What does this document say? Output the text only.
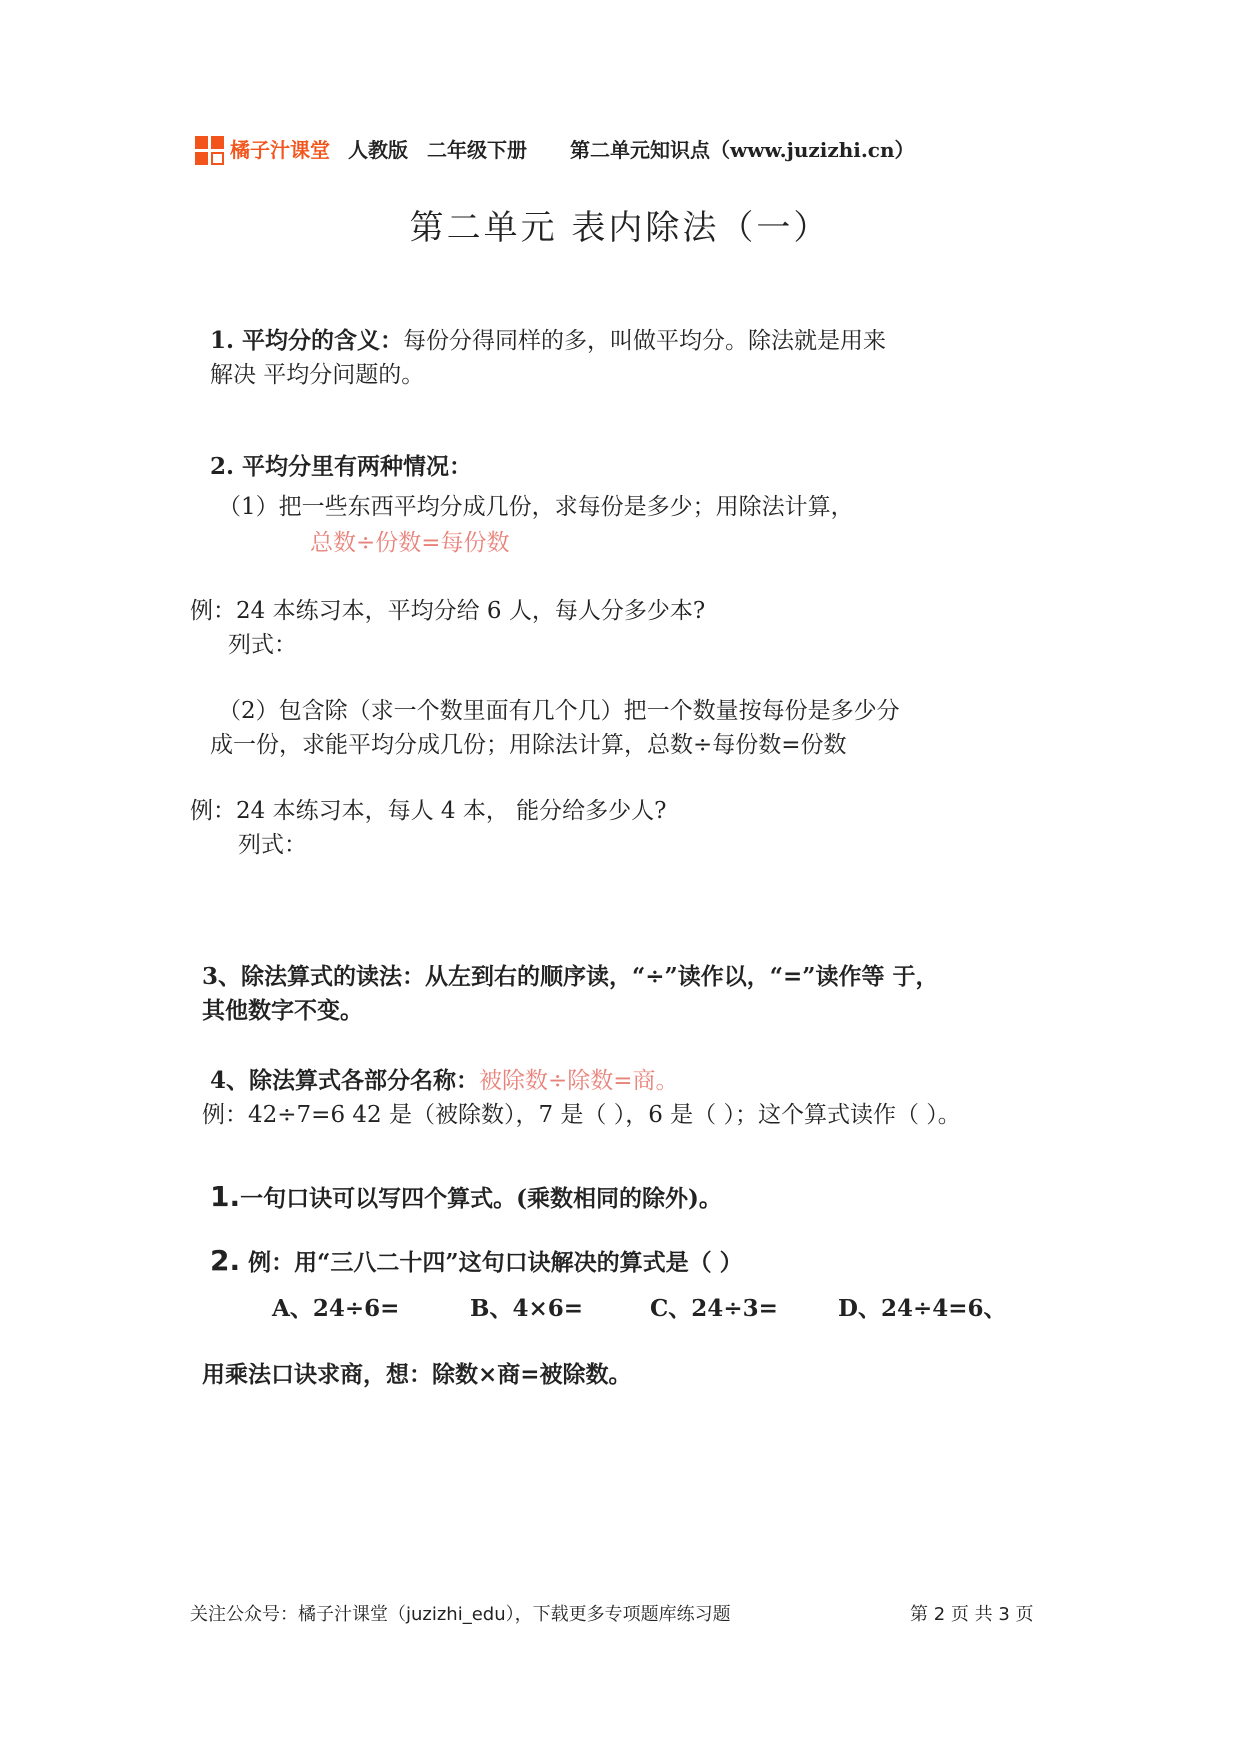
橘子汁课堂 人教版 二年级下册 第二单元知识点（www.juzizhi.cn）
第二单元 表内除法（一）
1. 平均分的含义：每份分得同样的多，叫做平均分。除法就是用来
解决 平均分问题的。
2. 平均分里有两种情况：
（1）把一些东西平均分成几份，求每份是多少；用除法计算，
总数÷份数=每份数
例：24 本练习本，平均分给 6 人，每人分多少本?
列式：
（2）包含除（求一个数里面有几个几）把一个数量按每份是多少分
成一份，求能平均分成几份；用除法计算，总数÷每份数=份数
例：24 本练习本，每人 4 本， 能分给多少人?
列式：
3、除法算式的读法：从左到右的顺序读，“÷”读作以，“=”读作等 于，
其他数字不变。
4、除法算式各部分名称：被除数÷除数=商。
例：42÷7=6 42 是（被除数），7 是（ ），6 是（ ）；这个算式读作（ ）。
1.一句口诀可以写四个算式。(乘数相同的除外)。
2. 例：用“三八二十四”这句口诀解决的算式是（ ）
A、24÷6=	B、4×6=	C、24÷3=	D、24÷4=6、
用乘法口诀求商，想：除数×商=被除数。
关注公众号：橘子汁课堂（juzizhi_edu），下载更多专项题库练习题	第 2 页 共 3 页
